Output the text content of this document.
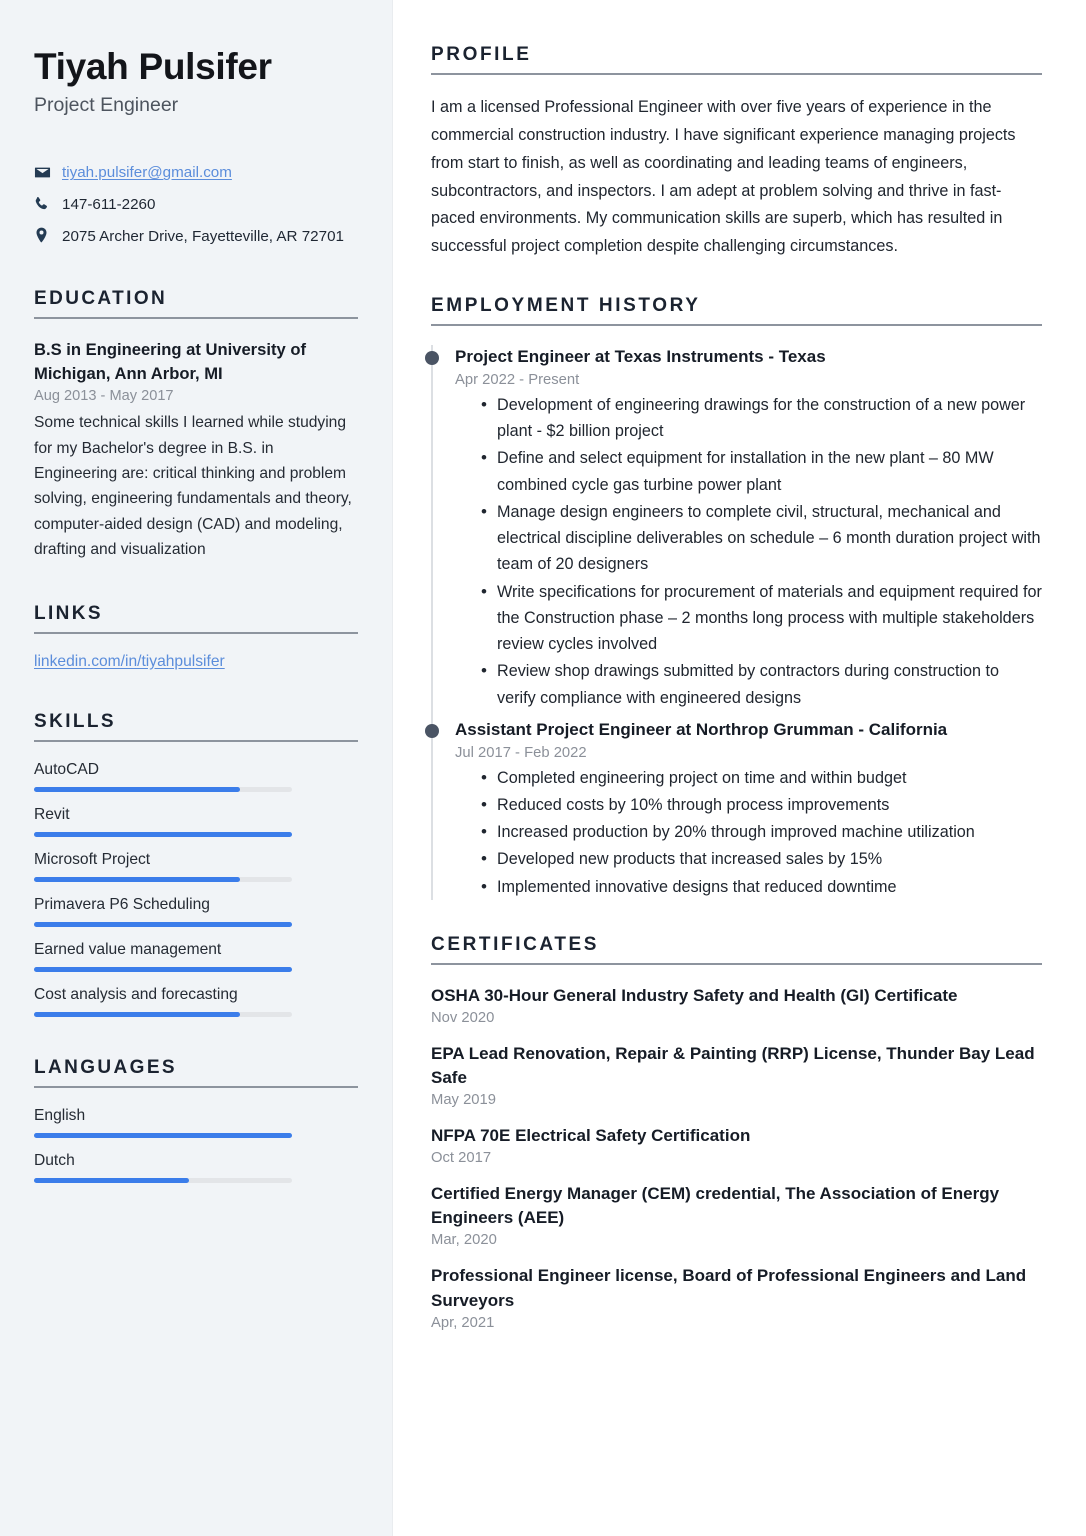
Tiyah Pulsifer
Project Engineer
tiyah.pulsifer@gmail.com
147-611-2260
2075 Archer Drive, Fayetteville, AR 72701
EDUCATION
B.S in Engineering at University of Michigan, Ann Arbor, MI
Aug 2013 - May 2017
Some technical skills I learned while studying for my Bachelor's degree in B.S. in Engineering are: critical thinking and problem solving, engineering fundamentals and theory, computer-aided design (CAD) and modeling, drafting and visualization
LINKS
linkedin.com/in/tiyahpulsifer
SKILLS
AutoCAD
Revit
Microsoft Project
Primavera P6 Scheduling
Earned value management
Cost analysis and forecasting
LANGUAGES
English
Dutch
PROFILE

I am a licensed Professional Engineer with over five years of experience in the commercial construction industry. I have significant experience managing projects from start to finish, as well as coordinating and leading teams of engineers, subcontractors, and inspectors. I am adept at problem solving and thrive in fast-paced environments. My communication skills are superb, which has resulted in successful project completion despite challenging circumstances.

EMPLOYMENT HISTORY
Project Engineer at Texas Instruments - Texas
Apr 2022 - Present
• Development of engineering drawings for the construction of a new power plant - $2 billion project
• Define and select equipment for installation in the new plant – 80 MW combined cycle gas turbine power plant
• Manage design engineers to complete civil, structural, mechanical and electrical discipline deliverables on schedule – 6 month duration project with team of 20 designers
• Write specifications for procurement of materials and equipment required for the Construction phase – 2 months long process with multiple stakeholders review cycles involved
• Review shop drawings submitted by contractors during construction to verify compliance with engineered designs
Assistant Project Engineer at Northrop Grumman - California
Jul 2017 - Feb 2022
• Completed engineering project on time and within budget
• Reduced costs by 10% through process improvements
• Increased production by 20% through improved machine utilization
• Developed new products that increased sales by 15%
• Implemented innovative designs that reduced downtime
CERTIFICATES
OSHA 30-Hour General Industry Safety and Health (GI) Certificate
Nov 2020
EPA Lead Renovation, Repair & Painting (RRP) License, Thunder Bay Lead Safe
May 2019
NFPA 70E Electrical Safety Certification
Oct 2017
Certified Energy Manager (CEM) credential, The Association of Energy Engineers (AEE)
Mar, 2020
Professional Engineer license, Board of Professional Engineers and Land Surveyors
Apr, 2021
